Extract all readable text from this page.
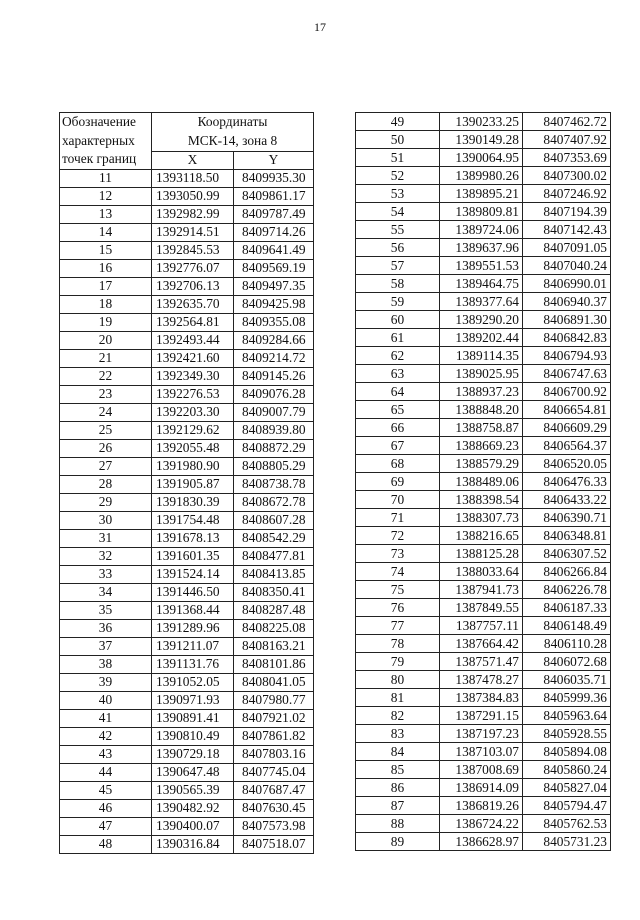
17
Обозначение
характерных
точек границ	Координаты
МСК-14, зона 8	

	X	Y
11	1393118.50	8409935.30
12	1393050.99	8409861.17
13	1392982.99	8409787.49
14	1392914.51	8409714.26
15	1392845.53	8409641.49
16	1392776.07	8409569.19
17	1392706.13	8409497.35
18	1392635.70	8409425.98
19	1392564.81	8409355.08
20	1392493.44	8409284.66
21	1392421.60	8409214.72
22	1392349.30	8409145.26
23	1392276.53	8409076.28
24	1392203.30	8409007.79
25	1392129.62	8408939.80
26	1392055.48	8408872.29
27	1391980.90	8408805.29
28	1391905.87	8408738.78
29	1391830.39	8408672.78
30	1391754.48	8408607.28
31	1391678.13	8408542.29
32	1391601.35	8408477.81
33	1391524.14	8408413.85
34	1391446.50	8408350.41
35	1391368.44	8408287.48
36	1391289.96	8408225.08
37	1391211.07	8408163.21
38	1391131.76	8408101.86
39	1391052.05	8408041.05
40	1390971.93	8407980.77
41	1390891.41	8407921.02
42	1390810.49	8407861.82
43	1390729.18	8407803.16
44	1390647.48	8407745.04
45	1390565.39	8407687.47
46	1390482.92	8407630.45
47	1390400.07	8407573.98
48	1390316.84	8407518.07
49	1390233.25	8407462.72
50	1390149.28	8407407.92
51	1390064.95	8407353.69
52	1389980.26	8407300.02
53	1389895.21	8407246.92
54	1389809.81	8407194.39
55	1389724.06	8407142.43
56	1389637.96	8407091.05
57	1389551.53	8407040.24
58	1389464.75	8406990.01
59	1389377.64	8406940.37
60	1389290.20	8406891.30
61	1389202.44	8406842.83
62	1389114.35	8406794.93
63	1389025.95	8406747.63
64	1388937.23	8406700.92
65	1388848.20	8406654.81
66	1388758.87	8406609.29
67	1388669.23	8406564.37
68	1388579.29	8406520.05
69	1388489.06	8406476.33
70	1388398.54	8406433.22
71	1388307.73	8406390.71
72	1388216.65	8406348.81
73	1388125.28	8406307.52
74	1388033.64	8406266.84
75	1387941.73	8406226.78
76	1387849.55	8406187.33
77	1387757.11	8406148.49
78	1387664.42	8406110.28
79	1387571.47	8406072.68
80	1387478.27	8406035.71
81	1387384.83	8405999.36
82	1387291.15	8405963.64
83	1387197.23	8405928.55
84	1387103.07	8405894.08
85	1387008.69	8405860.24
86	1386914.09	8405827.04
87	1386819.26	8405794.47
88	1386724.22	8405762.53
89	1386628.97	8405731.23
